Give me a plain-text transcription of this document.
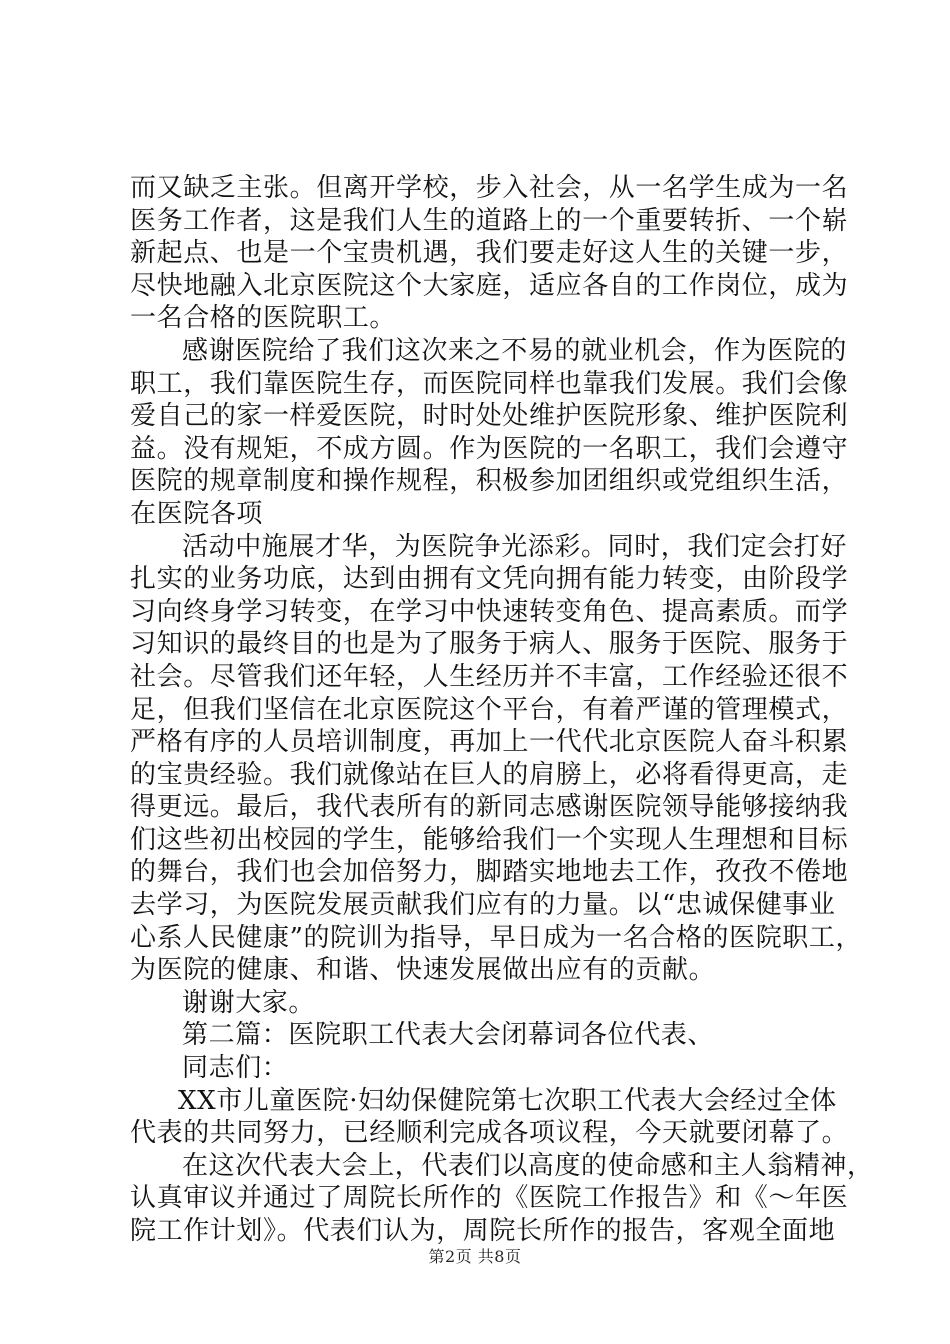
而又缺乏主张。但离开学校，步入社会，从一名学生成为一名
医务工作者，这是我们人生的道路上的一个重要转折、一个崭
新起点、也是一个宝贵机遇，我们要走好这人生的关键一步，
尽快地融入北京医院这个大家庭，适应各自的工作岗位，成为
一名合格的医院职工。
感谢医院给了我们这次来之不易的就业机会，作为医院的
职工，我们靠医院生存，而医院同样也靠我们发展。我们会像
爱自己的家一样爱医院，时时处处维护医院形象、维护医院利
益。没有规矩，不成方圆。作为医院的一名职工，我们会遵守
医院的规章制度和操作规程，积极参加团组织或党组织生活，
在医院各项
活动中施展才华，为医院争光添彩。同时，我们定会打好
扎实的业务功底，达到由拥有文凭向拥有能力转变，由阶段学
习向终身学习转变，在学习中快速转变角色、提高素质。而学
习知识的最终目的也是为了服务于病人、服务于医院、服务于
社会。尽管我们还年轻，人生经历并不丰富，工作经验还很不
足，但我们坚信在北京医院这个平台，有着严谨的管理模式，
严格有序的人员培训制度，再加上一代代北京医院人奋斗积累
的宝贵经验。我们就像站在巨人的肩膀上，必将看得更高，走
得更远。最后，我代表所有的新同志感谢医院领导能够接纳我
们这些初出校园的学生，能够给我们一个实现人生理想和目标
的舞台，我们也会加倍努力，脚踏实地地去工作，孜孜不倦地
去学习，为医院发展贡献我们应有的力量。以“忠诚保健事业
心系人民健康”的院训为指导，早日成为一名合格的医院职工，
为医院的健康、和谐、快速发展做出应有的贡献。
谢谢大家。
第二篇：医院职工代表大会闭幕词各位代表、
同志们：
XX市儿童医院·妇幼保健院第七次职工代表大会经过全体
代表的共同努力，已经顺利完成各项议程，今天就要闭幕了。
在这次代表大会上，代表们以高度的使命感和主人翁精神，
认真审议并通过了周院长所作的《医院工作报告》和《～年医
院工作计划》。代表们认为，周院长所作的报告，客观全面地
第2页 共8页
